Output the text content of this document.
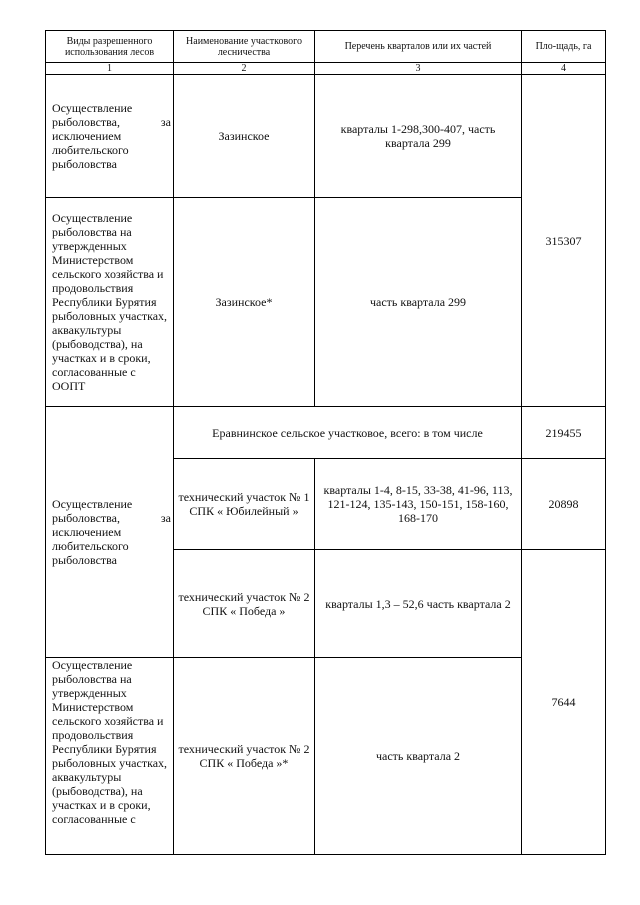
Виды разрешенного использования лесов	Наименование участкового лесничества	Перечень кварталов или их частей	Пло-щадь, га
1	2	3	4
Осуществление рыболовства, за исключением любительского рыболовства	Зазинское	кварталы 1-298,300-407, часть квартала 299	315307
Осуществление рыболовства на утвержденных Министерством сельского хозяйства и продовольствия Республики Бурятия рыболовных участках, аквакультуры (рыбоводства), на участках и в сроки, согласованные с ООПТ	Зазинское*	часть квартала 299	
Осуществление рыболовства, за исключением любительского рыболовства	Еравнинское сельское участковое, всего: в том числе		219455
	технический участок № 1 СПК « Юбилейный »	кварталы 1-4, 8-15, 33-38, 41-96, 113, 121-124, 135-143, 150-151, 158-160, 168-170	20898
	технический участок № 2 СПК « Победа »	кварталы 1,3 – 52,6 часть квартала 2	7644

Осуществление рыболовства на утвержденных Министерством сельского хозяйства и продовольствия Республики Бурятия рыболовных участках, аквакультуры (рыбоводства), на участках и в сроки, согласованные с	технический участок № 2 СПК « Победа »*	часть квартала 2	
